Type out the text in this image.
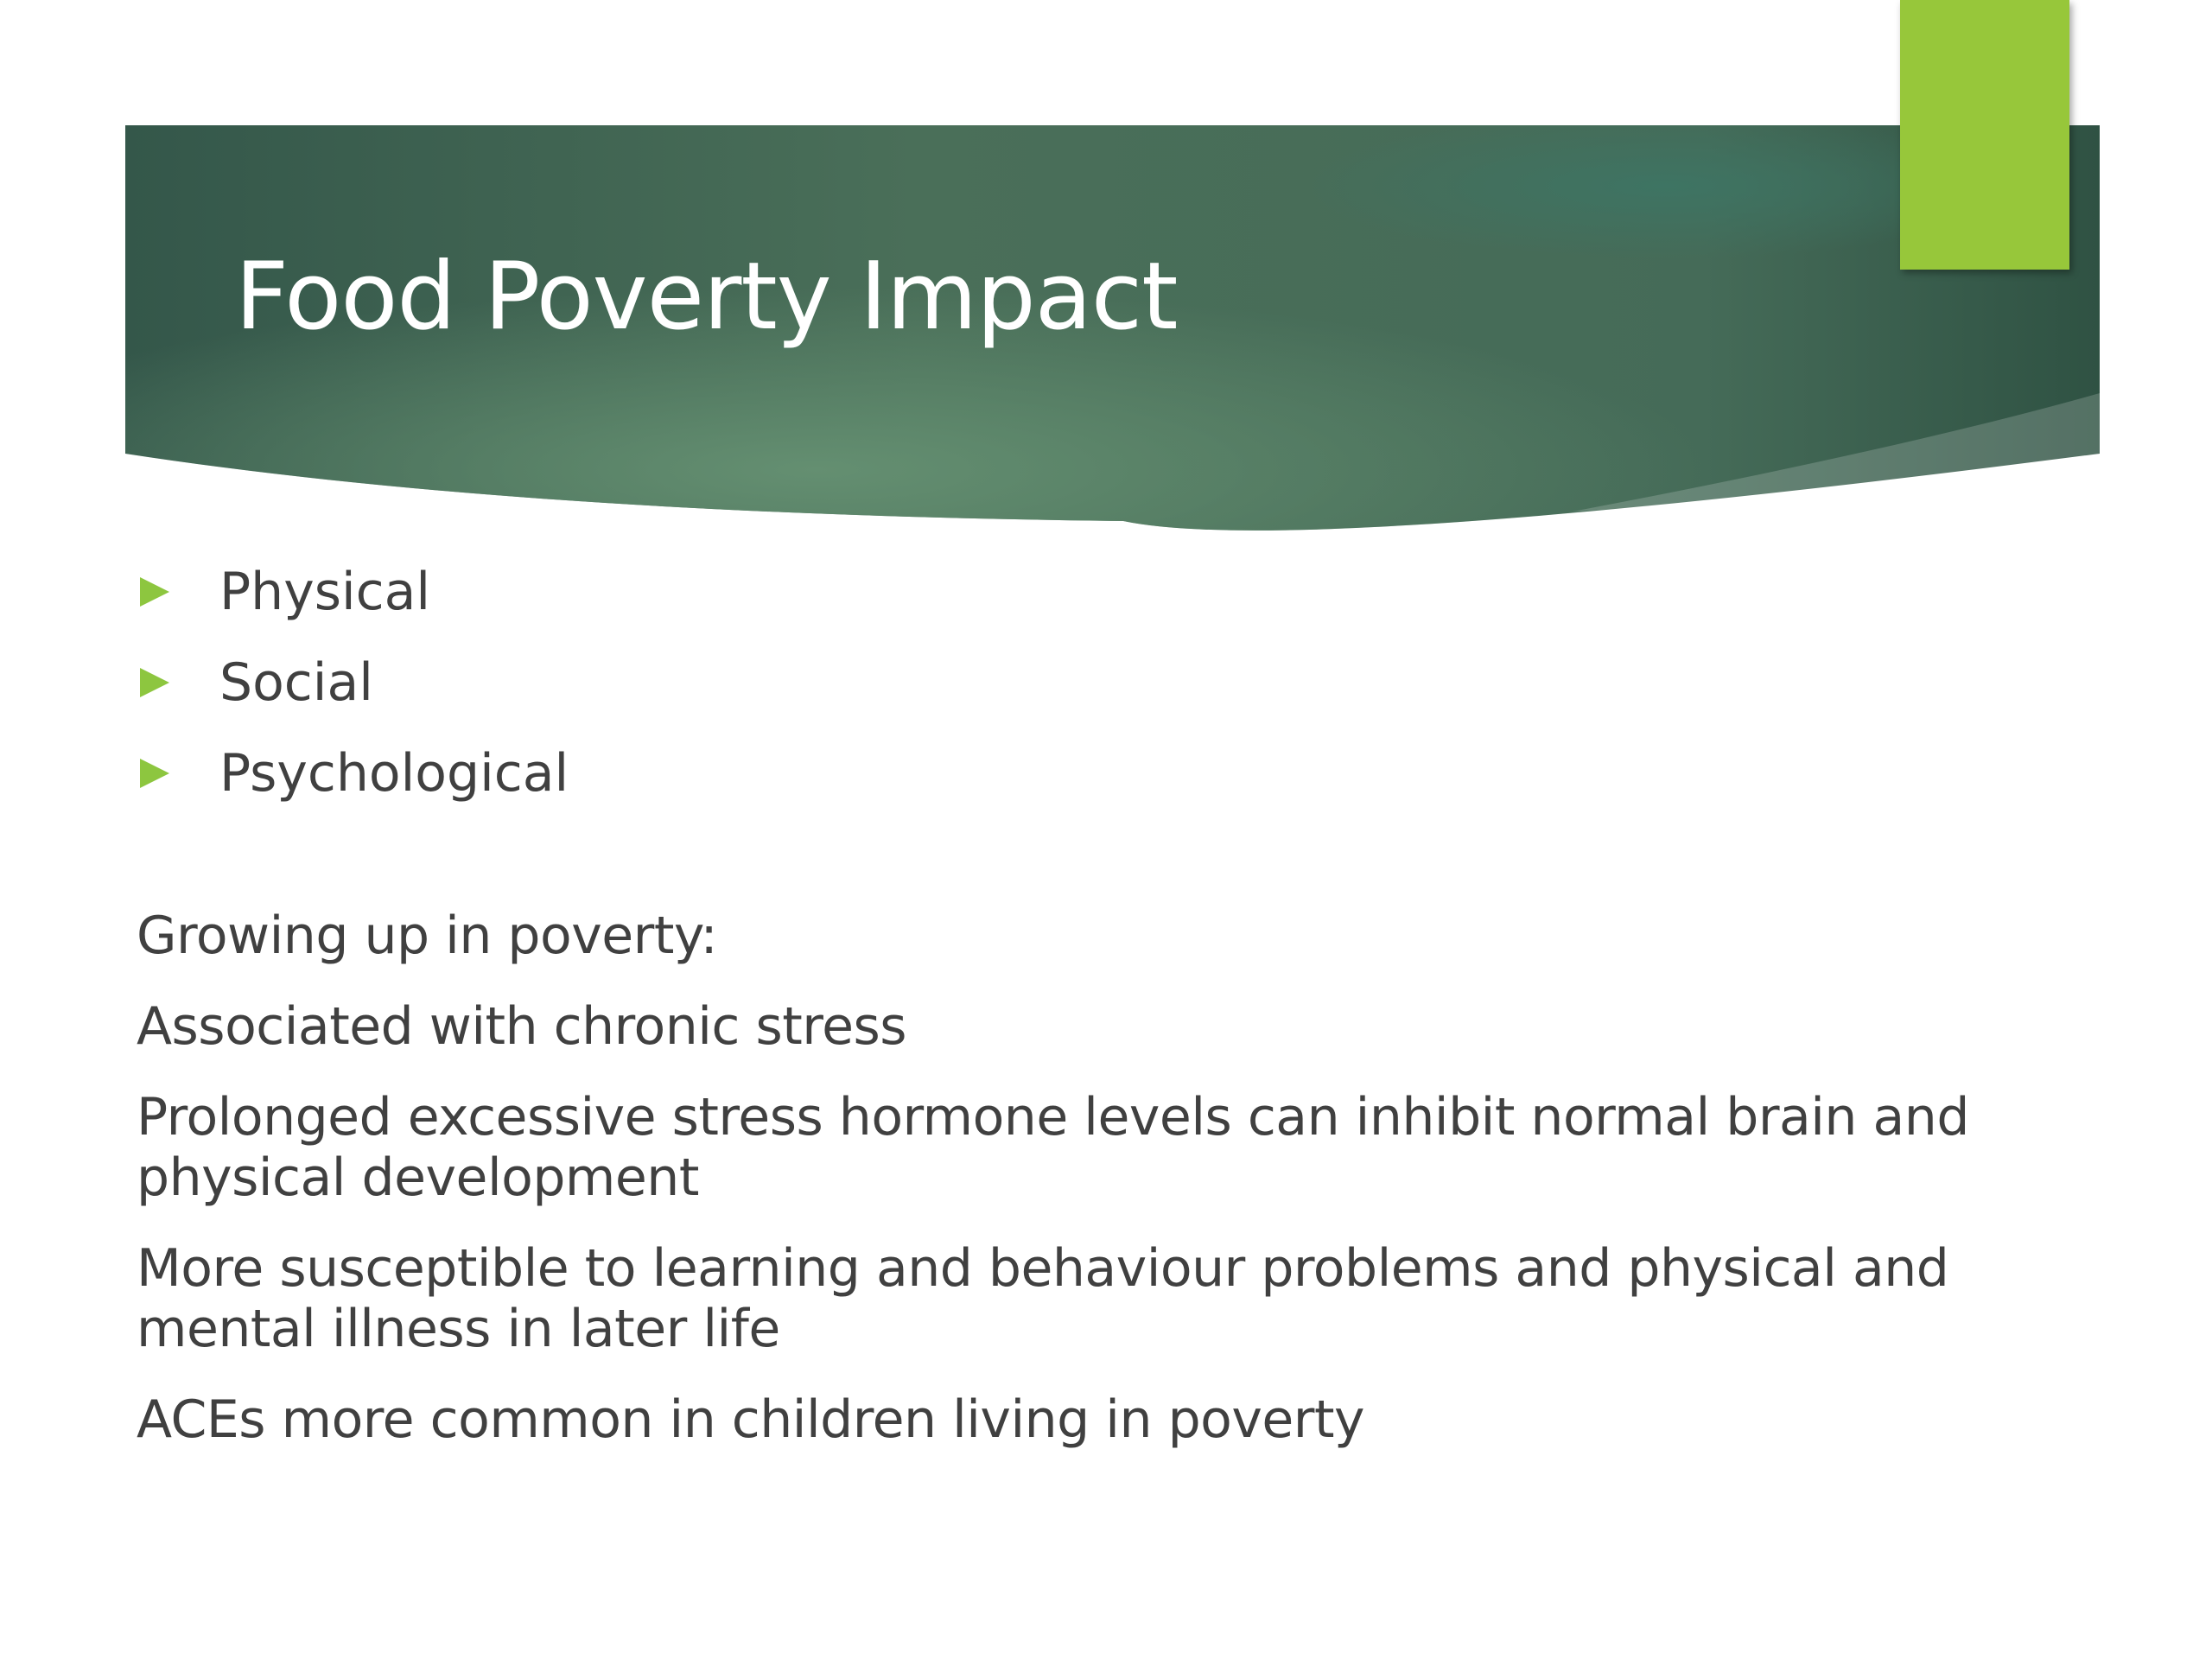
Food Poverty Impact
Physical
Social
Psychological

Growing up in poverty:

Associated with chronic stress

Prolonged excessive stress hormone levels can inhibit normal brain and physical development

More susceptible to learning and behaviour problems and physical and mental illness in later life

ACEs more common in children living in poverty
